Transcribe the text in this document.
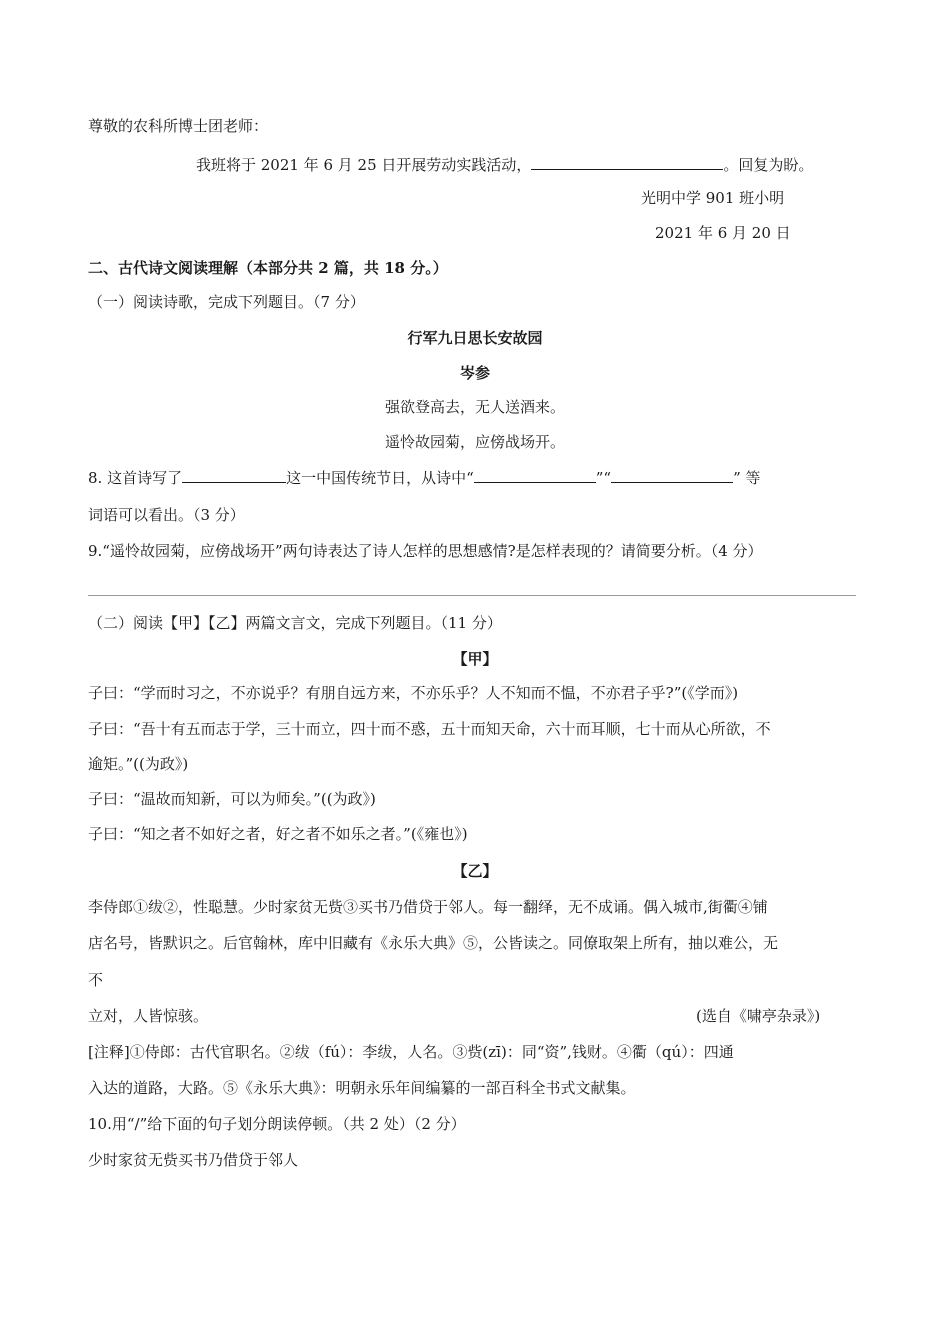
尊敬的农科所博士团老师：
我班将于 2021 年 6 月 25 日开展劳动实践活动，	。回复为盼。
光明中学 901 班小明
2021 年 6 月 20 日
二、古代诗文阅读理解（本部分共 2 篇，共 18 分。）
（一）阅读诗歌，完成下列题目。（7 分）
行军九日思长安故园
岑参
强欲登高去，无人送酒来。
遥怜故园菊，应傍战场开。
8. 这首诗写了	这一中国传统节日，从诗中“	”“	” 等
词语可以看出。（3 分）
9.“遥怜故园菊，应傍战场开”两句诗表达了诗人怎样的思想感情?是怎样表现的？请简要分析。（4 分）
（二）阅读【甲】【乙】两篇文言文，完成下列题目。（11 分）
【甲】
子曰：“学而时习之，不亦说乎？有朋自远方来，不亦乐乎？人不知而不愠，不亦君子乎?”(《学而》)
子曰：“吾十有五而志于学，三十而立，四十而不惑，五十而知天命，六十而耳顺，七十而从心所欲，不
逾矩。”((为政》)
子曰：“温故而知新，可以为师矣。”((为政》)
子曰：“知之者不如好之者，好之者不如乐之者。”(《雍也》)
【乙】
李侍郎①绂②，性聪慧。少时家贫无赀③买书乃借贷于邻人。每一翻绎，无不成诵。偶入城市,街衢④铺
店名号，皆默识之。后官翰林，库中旧藏有《永乐大典》⑤，公皆读之。同僚取架上所有，抽以难公，无
不
立对，人皆惊骇。	(选自《啸亭杂录》)
[注释]①侍郎：古代官职名。②绂（fú）：李绂，人名。③赀(zī)：同“资”,钱财。④衢（qú）：四通
入达的道路，大路。⑤《永乐大典》：明朝永乐年间编纂的一部百科全书式文献集。
10.用“/”给下面的句子划分朗读停顿。（共 2 处）（2 分）
少时家贫无赀买书乃借贷于邻人
